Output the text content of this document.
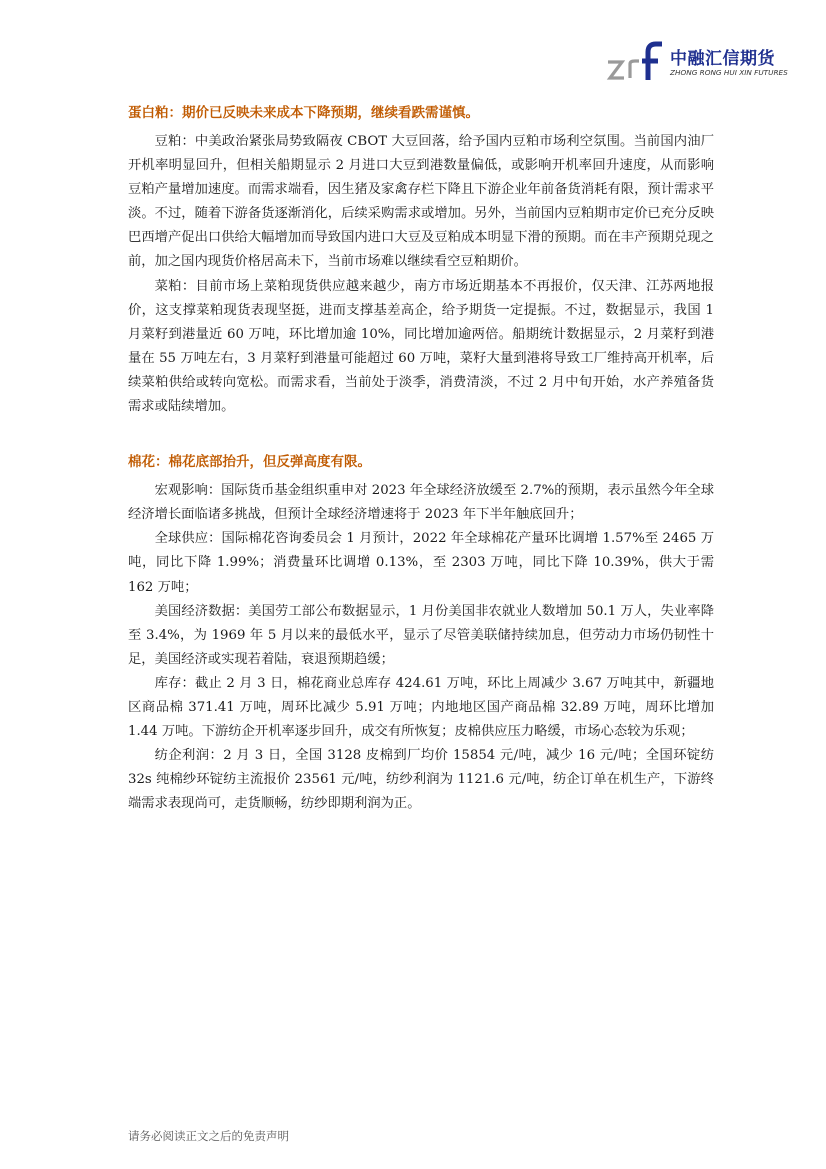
中融汇信期货
ZHONG RONG HUI XIN FUTURES
蛋白粕：期价已反映未来成本下降预期，继续看跌需谨慎。

豆粕：中美政治紧张局势致隔夜 CBOT 大豆回落，给予国内豆粕市场利空氛围。当前国内油厂开机率明显回升，但相关船期显示 2 月进口大豆到港数量偏低，或影响开机率回升速度，从而影响豆粕产量增加速度。而需求端看，因生猪及家禽存栏下降且下游企业年前备货消耗有限，预计需求平淡。不过，随着下游备货逐渐消化，后续采购需求或增加。另外，当前国内豆粕期市定价已充分反映巴西增产促出口供给大幅增加而导致国内进口大豆及豆粕成本明显下滑的预期。而在丰产预期兑现之前，加之国内现货价格居高未下，当前市场难以继续看空豆粕期价。

菜粕：目前市场上菜粕现货供应越来越少，南方市场近期基本不再报价，仅天津、江苏两地报价，这支撑菜粕现货表现坚挺，进而支撑基差高企，给予期货一定提振。不过，数据显示，我国 1 月菜籽到港量近 60 万吨，环比增加逾 10%，同比增加逾两倍。船期统计数据显示，2 月菜籽到港量在 55 万吨左右，3 月菜籽到港量可能超过 60 万吨，菜籽大量到港将导致工厂维持高开机率，后续菜粕供给或转向宽松。而需求看，当前处于淡季，消费清淡，不过 2 月中旬开始，水产养殖备货需求或陆续增加。

棉花：棉花底部抬升，但反弹高度有限。

宏观影响：国际货币基金组织重申对 2023 年全球经济放缓至 2.7%的预期，表示虽然今年全球经济增长面临诸多挑战，但预计全球经济增速将于 2023 年下半年触底回升；

全球供应：国际棉花咨询委员会 1 月预计，2022 年全球棉花产量环比调增 1.57%至 2465 万吨，同比下降 1.99%；消费量环比调增 0.13%，至 2303 万吨，同比下降 10.39%，供大于需 162 万吨；

美国经济数据：美国劳工部公布数据显示，1 月份美国非农就业人数增加 50.1 万人，失业率降至 3.4%，为 1969 年 5 月以来的最低水平，显示了尽管美联储持续加息，但劳动力市场仍韧性十足，美国经济或实现若着陆，衰退预期趋缓；

库存：截止 2 月 3 日，棉花商业总库存 424.61 万吨，环比上周减少 3.67 万吨其中，新疆地区商品棉 371.41 万吨，周环比减少 5.91 万吨；内地地区国产商品棉 32.89 万吨，周环比增加 1.44 万吨。下游纺企开机率逐步回升，成交有所恢复；皮棉供应压力略缓，市场心态较为乐观；

纺企利润：2 月 3 日，全国 3128 皮棉到厂均价 15854 元/吨，减少 16 元/吨；全国环锭纺 32s 纯棉纱环锭纺主流报价 23561 元/吨，纺纱利润为 1121.6 元/吨，纺企订单在机生产，下游终端需求表现尚可，走货顺畅，纺纱即期利润为正。

请务必阅读正文之后的免责声明
